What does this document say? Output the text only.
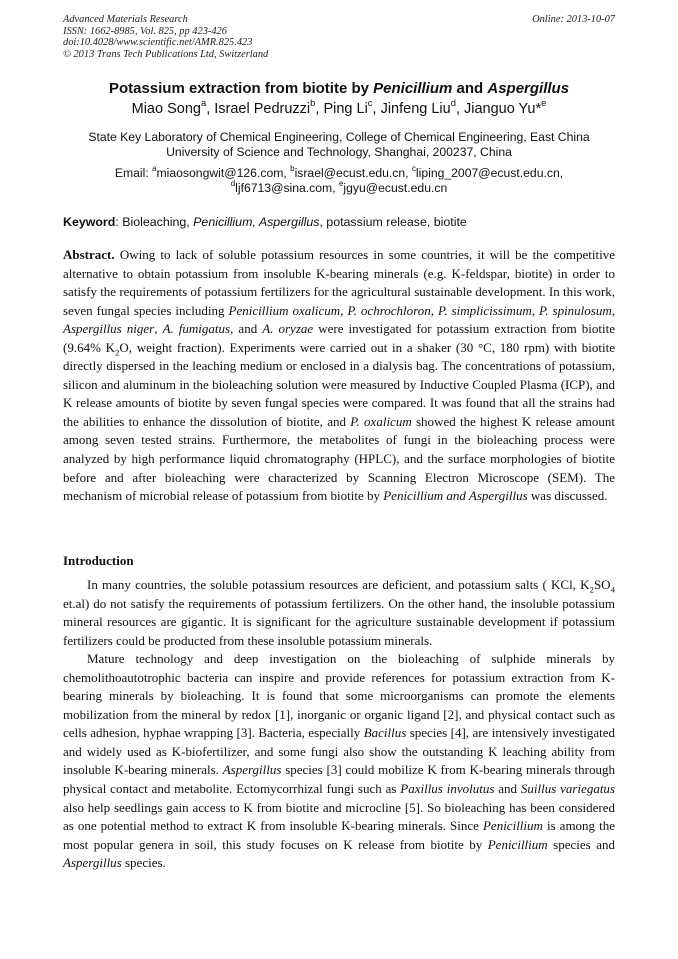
Advanced Materials Research
ISSN: 1662-8985, Vol. 825, pp 423-426
doi:10.4028/www.scientific.net/AMR.825.423
© 2013 Trans Tech Publications Ltd, Switzerland
Online: 2013-10-07
Potassium extraction from biotite by Penicillium and Aspergillus
Miao Song$^a$, Israel Pedruzzi$^b$, Ping Li$^c$, Jinfeng Liu$^d$, Jianguo Yu*$^e$
State Key Laboratory of Chemical Engineering, College of Chemical Engineering, East China
University of Science and Technology, Shanghai, 200237, China
Email: $^a$miaosongwit@126.com, $^b$israel@ecust.edu.cn, $^c$liping_2007@ecust.edu.cn,
$^d$ljf6713@sina.com, $^e$jgyu@ecust.edu.cn
Keyword: Bioleaching, Penicillium, Aspergillus, potassium release, biotite
Abstract. Owing to lack of soluble potassium resources in some countries, it will be the competitive alternative to obtain potassium from insoluble K-bearing minerals (e.g. K-feldspar, biotite) in order to satisfy the requirements of potassium fertilizers for the agricultural sustainable development. In this work, seven fungal species including Penicillium oxalicum, P. ochrochloron, P. simplicissimum, P. spinulosum, Aspergillus niger, A. fumigatus, and A. oryzae were investigated for potassium extraction from biotite (9.64% $K_2O$, weight fraction). Experiments were carried out in a shaker (30 °C, 180 rpm) with biotite directly dispersed in the leaching medium or enclosed in a dialysis bag. The concentrations of potassium, silicon and aluminum in the bioleaching solution were measured by Inductive Coupled Plasma (ICP), and K release amounts of biotite by seven fungal species were compared. It was found that all the strains had the abilities to enhance the dissolution of biotite, and P. oxalicum showed the highest K release amount among seven tested strains. Furthermore, the metabolites of fungi in the bioleaching process were analyzed by high performance liquid chromatography (HPLC), and the surface morphologies of biotite before and after bioleaching were characterized by Scanning Electron Microscope (SEM). The mechanism of microbial release of potassium from biotite by Penicillium and Aspergillus was discussed.
Introduction

In many countries, the soluble potassium resources are deficient, and potassium salts ( KCl, $K_2SO_4$ et.al) do not satisfy the requirements of potassium fertilizers. On the other hand, the insoluble potassium mineral resources are gigantic. It is significant for the agriculture sustainable development if potassium fertilizers could be producted from these insoluble potassium minerals.

Mature technology and deep investigation on the bioleaching of sulphide minerals by chemolithoautotrophic bacteria can inspire and provide references for potassium extraction from K-bearing minerals by bioleaching. It is found that some microorganisms can promote the elements mobilization from the mineral by redox [1], inorganic or organic ligand [2], and physical contact such as cells adhesion, hyphae wrapping [3]. Bacteria, especially Bacillus species [4], are intensively investigated and widely used as K-biofertilizer, and some fungi also show the outstanding K leaching ability from insoluble K-bearing minerals. Aspergillus species [3] could mobilize K from K-bearing minerals through physical contact and metabolite. Ectomycorrhizal fungi such as Paxillus involutus and Suillus variegatus also help seedlings gain access to K from biotite and microcline [5]. So bioleaching has been considered as one potential method to extract K from insoluble K-bearing minerals. Since Penicillium is among the most popular genera in soil, this study focuses on K release from biotite by Penicillium species and Aspergillus species.
